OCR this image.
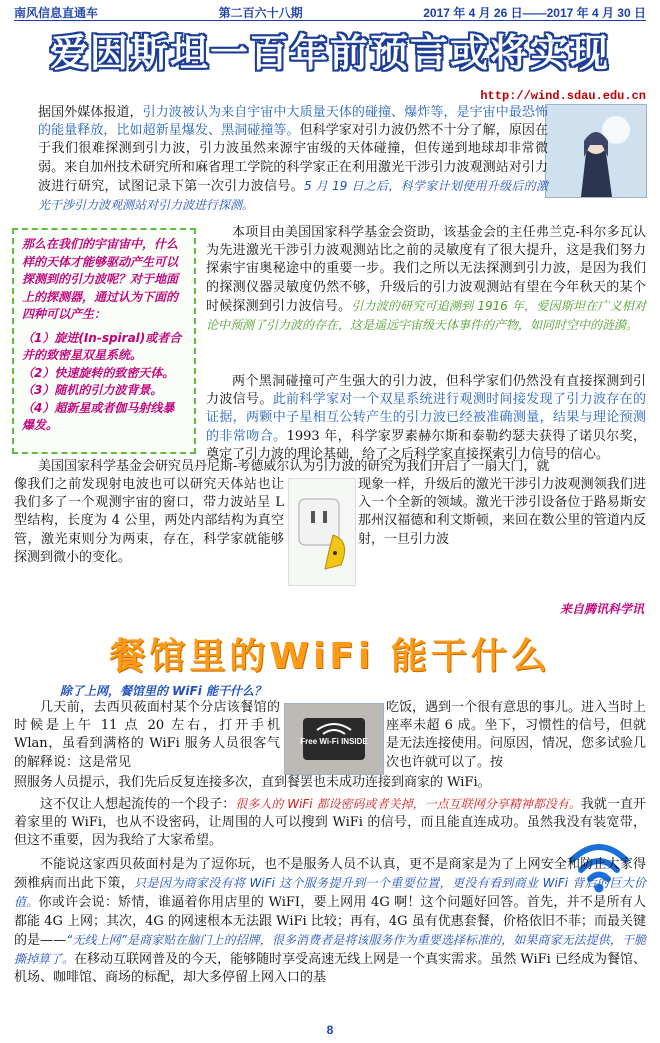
南风信息直通车	第二百六十八期	2017 年 4 月 26 日——2017 年 4 月 30 日
爱因斯坦一百年前预言或将实现
http://wind.sdau.edu.cn

据国外媒体报道，引力波被认为来自宇宙中大质量天体的碰撞、爆炸等，是宇宙中最恐怖的能量释放，比如超新星爆发、黑洞碰撞等。但科学家对引力波仍然不十分了解，原因在于我们很难探测到引力波，引力波虽然来源宇宙级的天体碰撞，但传递到地球却非常微弱。来自加州技术研究所和麻省理工学院的科学家正在利用激光干涉引力波观测站对引力波进行研究，试图记录下第一次引力波信号。5 月 19 日之后，科学家计划使用升级后的激光干涉引力波观测站对引力波进行探测。

那么在我们的宇宙宙中，什么样的天体才能够驱动产生可以探测到的引力波呢？对于地面上的探测器，通过认为下面的四种可以产生：

（1）旋进(In-spiral)或者合并的致密星双星系统。

（2）快速旋转的致密天体。

（3）随机的引力波背景。

（4）超新星或者伽马射线暴爆发。

本项目由美国国家科学基金会资助，该基金会的主任弗兰克-科尔多瓦认为先进激光干涉引力波观测站比之前的灵敏度有了很大提升，这是我们努力探索宇宙奥秘途中的重要一步。我们之所以无法探测到引力波，是因为我们的探测仪器灵敏度仍然不够，升级后的引力波观测站有望在今年秋天的某个时候探测到引力波信号。引力波的研究可追溯到 1916 年，爱因斯坦在广义相对论中预测了引力波的存在，这是遥远宇宙级天体事件的产物，如同时空中的涟漪。

两个黑洞碰撞可产生强大的引力波，但科学家们仍然没有直接探测到引力波信号。此前科学家对一个双星系统进行观测时间接发现了引力波存在的证据，两颗中子星相互公转产生的引力波已经被准确测量，结果与理论预测的非常吻合。1993 年，科学家罗素赫尔斯和泰勒约瑟夫获得了诺贝尔奖，奠定了引力波的理论基础，给了之后科学家直接探索引力信号的信心。

美国国家科学基金会研究员丹尼斯-考德威尔认为引力波的研究为我们开启了一扇大门，就

像我们之前发现射电波也可以研究天体站也让我们多了一个观测宇宙的窗口，带力波站呈 L 型结构，长度为 4 公里，两处内部结构为真空管，激光束则分为两束，存在，科学家就能够探测到微小的变化。

现象一样，升级后的激光干涉引力波观测领我们进入一个全新的领域。激光干涉引设备位于路易斯安那州汉福德和利文斯顿，来回在数公里的管道内反射，一旦引力波

来自腾讯科学讯
餐馆里的WiFi 能干什么
除了上网，餐馆里的 WiFi 能干什么？

几天前，去西贝莜面村某个分店该餐馆的时候是上午 11 点 20 左右，打开手机 Wlan，虽看到满格的 WiFi 服务人员很客气的解释说：这是常见

Free Wi-Fi INSIDE

吃饭，遇到一个很有意思的事儿。进入当时上座率未超 6 成。坐下，习惯性的信号，但就是无法连接使用。问原因，情况，您多试验几次也许就可以了。按

照服务人员提示，我们先后反复连接多次，直到餐罢也未成功连接到商家的 WiFi。

这不仅让人想起流传的一个段子：很多人的 WiFi 都设密码或者关掉，一点互联网分享精神都没有。我就一直开着家里的 WiFi，也从不设密码，让周围的人可以搜到 WiFi 的信号，而且能直连成功。虽然我没有装宽带，但这不重要，因为我给了大家希望。

不能说这家西贝莜面村是为了逗你玩，也不是服务人员不认真，更不是商家是为了上网安全和防止大家得颈椎病而出此下策，只是因为商家没有将 WiFi 这个服务提升到一个重要位置，更没有看到商业 WiFi 背后的巨大价值。你或许会说：矫情，谁逼着你用店里的 WiFI，要上网用 4G 啊！这个问题好回答。首先，并不是所有人都能 4G 上网；其次，4G 的网速根本无法跟 WiFi 比较；再有，4G 虽有优惠套餐，价格依旧不菲；而最关键的是——“无线上网”是商家贴在脑门上的招牌，很多消费者是将该服务作为重要选择标准的，如果商家无法提供，干脆撕掉算了。在移动互联网普及的今天，能够随时享受高速无线上网是一个真实需求。虽然 WiFi 已经成为餐馆、机场、咖啡馆、商场的标配，却大多停留上网入口的基

8
